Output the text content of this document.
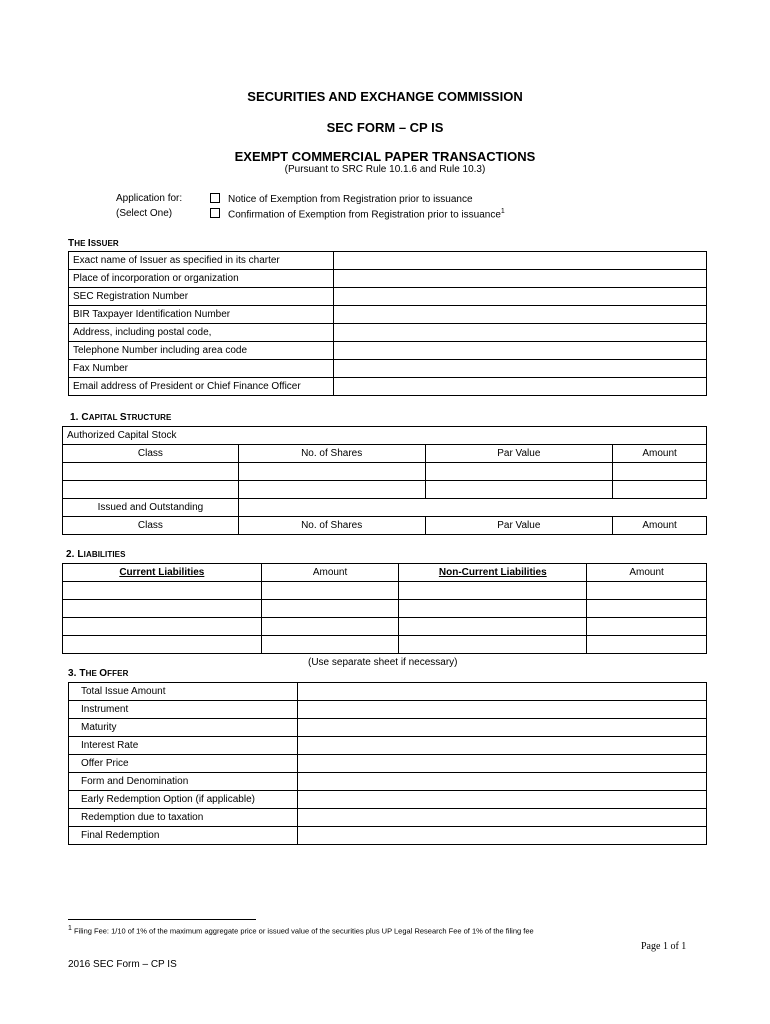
SECURITIES AND EXCHANGE COMMISSION
SEC FORM – CP IS
EXEMPT COMMERCIAL PAPER TRANSACTIONS
(Pursuant to SRC Rule 10.1.6 and Rule 10.3)
Application for:
(Select One)
Notice of Exemption from Registration prior to issuance
Confirmation of Exemption from Registration prior to issuance$^1$
THE ISSUER
Exact name of Issuer as specified in its charter	
Place of incorporation or organization	
SEC Registration Number	
BIR Taxpayer Identification Number	
Address, including postal code,	
Telephone Number including area code	
Fax Number	
Email address of President or Chief Finance Officer	
1. CAPITAL STRUCTURE
Authorized Capital Stock			
Class	No. of Shares	Par Value	Amount

Issued and Outstanding			
Class	No. of Shares	Par Value	Amount
2. LIABILITIES
Current Liabilities	Amount	Non-Current Liabilities	Amount

(Use separate sheet if necessary)
3. THE OFFER
Total Issue Amount	
Instrument	
Maturity	
Interest Rate	
Offer Price	
Form and Denomination	
Early Redemption Option (if applicable)	
Redemption due to taxation	
Final Redemption	
$^1$ Filing Fee: 1/10 of 1% of the maximum aggregate price or issued value of the securities plus UP Legal Research Fee of 1% of the filing fee
Page 1 of 1
2016 SEC Form – CP IS
